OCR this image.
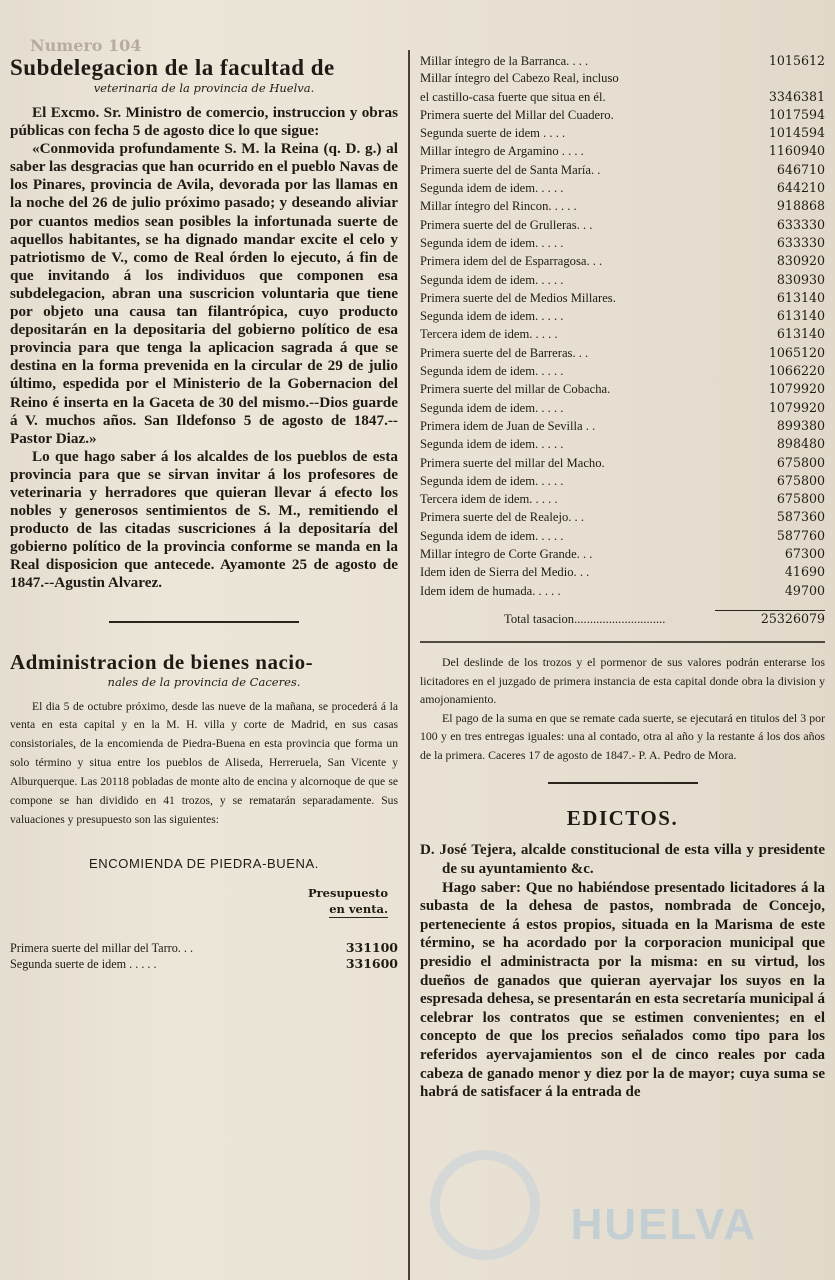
Numero 104
Subdelegacion de la facultad de
veterinaria de la provincia de Huelva.

El Excmo. Sr. Ministro de comercio, instruccion y obras públicas con fecha 5 de agosto dice lo que sigue:

«Conmovida profundamente S. M. la Reina (q. D. g.) al saber las desgracias que han ocurrido en el pueblo Navas de los Pinares, provincia de Avila, devorada por las llamas en la noche del 26 de julio próximo pasado; y deseando aliviar por cuantos medios sean posibles la infortunada suerte de aquellos habitantes, se ha dignado mandar excite el celo y patriotismo de V., como de Real órden lo ejecuto, á fin de que invitando á los individuos que componen esa subdelegacion, abran una suscricion voluntaria que tiene por objeto una causa tan filantrópica, cuyo producto depositarán en la depositaria del gobierno político de esa provincia para que tenga la aplicacion sagrada á que se destina en la forma prevenida en la circular de 29 de julio último, espedida por el Ministerio de la Gobernacion del Reino é inserta en la Gaceta de 30 del mismo.--Dios guarde á V. muchos años. San Ildefonso 5 de agosto de 1847.--Pastor Diaz.»

Lo que hago saber á los alcaldes de los pueblos de esta provincia para que se sirvan invitar á los profesores de veterinaria y herradores que quieran llevar á efecto los nobles y generosos sentimientos de S. M., remitiendo el producto de las citadas suscriciones á la depositaría del gobierno político de la provincia conforme se manda en la Real disposicion que antecede. Ayamonte 25 de agosto de 1847.--Agustin Alvarez.

Administracion de bienes nacio-
nales de la provincia de Caceres.

El dia 5 de octubre próximo, desde las nueve de la mañana, se procederá á la venta en esta capital y en la M. H. villa y corte de Madrid, en sus casas consistoriales, de la encomienda de Piedra-Buena en esta provincia que forma un solo término y situa entre los pueblos de Aliseda, Herreruela, San Vicente y Alburquerque. Las 20118 pobladas de monte alto de encina y alcornoque de que se compone se han dividido en 41 trozos, y se rematarán separadamente. Sus valuaciones y presupuesto son las siguientes:

ENCOMIENDA DE PIEDRA-BUENA.
Presupuesto
en venta.
Primera suerte del millar del Tarro. . .	331100
Segunda suerte de idem . . . . .	331600
Millar íntegro de la Barranca. . . .	1015612
Millar íntegro del Cabezo Real, incluso
el castillo-casa fuerte que situa en él.	3346381
Primera suerte del Millar del Cuadero.	1017594
Segunda suerte de idem . . . .	1014594
Millar íntegro de Argamino . . . .	1160940
Primera suerte del de Santa María. .	646710
Segunda idem de idem. . . . .	644210
Millar íntegro del Rincon. . . . .	918868
Primera suerte del de Grulleras. . .	633330
Segunda idem de idem. . . . .	633330
Primera idem del de Esparragosa. . .	830920
Segunda idem de idem. . . . .	830930
Primera suerte del de Medios Millares.	613140
Segunda idem de idem. . . . .	613140
Tercera idem de idem. . . . .	613140
Primera suerte del de Barreras. . .	1065120
Segunda idem de idem. . . . .	1066220
Primera suerte del millar de Cobacha.	1079920
Segunda idem de idem. . . . .	1079920
Primera idem de Juan de Sevilla . .	899380
Segunda idem de idem. . . . .	898480
Primera suerte del millar del Macho.	675800
Segunda idem de idem. . . . .	675800
Tercera idem de idem. . . . .	675800
Primera suerte del de Realejo. . .	587360
Segunda idem de idem. . . . .	587760
Millar íntegro de Corte Grande. . .	67300
Idem iden de Sierra del Medio. . .	41690
Idem idem de humada. . . . .	49700
Total tasacion.............................	25326079

Del deslinde de los trozos y el pormenor de sus valores podrán enterarse los licitadores en el juzgado de primera instancia de esta capital donde obra la division y amojonamiento.

El pago de la suma en que se remate cada suerte, se ejecutará en titulos del 3 por 100 y en tres entregas iguales: una al contado, otra al año y la restante á los dos años de la primera. Caceres 17 de agosto de 1847.- P. A. Pedro de Mora.

EDICTOS.

D. José Tejera, alcalde constitucional de esta villa y presidente de su ayuntamiento &c.

Hago saber: Que no habiéndose presentado licitadores á la subasta de la dehesa de pastos, nombrada de Concejo, perteneciente á estos propios, situada en la Marisma de este término, se ha acordado por la corporacion municipal que presidio el administracta por la misma: en su virtud, los dueños de ganados que quieran ayervajar los suyos en la espresada dehesa, se presentarán en esta secretaría municipal á celebrar los contratos que se estimen convenientes; en el concepto de que los precios señalados como tipo para los referidos ayervajamientos son el de cinco reales por cada cabeza de ganado menor y diez por la de mayor; cuya suma se habrá de satisfacer á la entrada de

HUELVA
